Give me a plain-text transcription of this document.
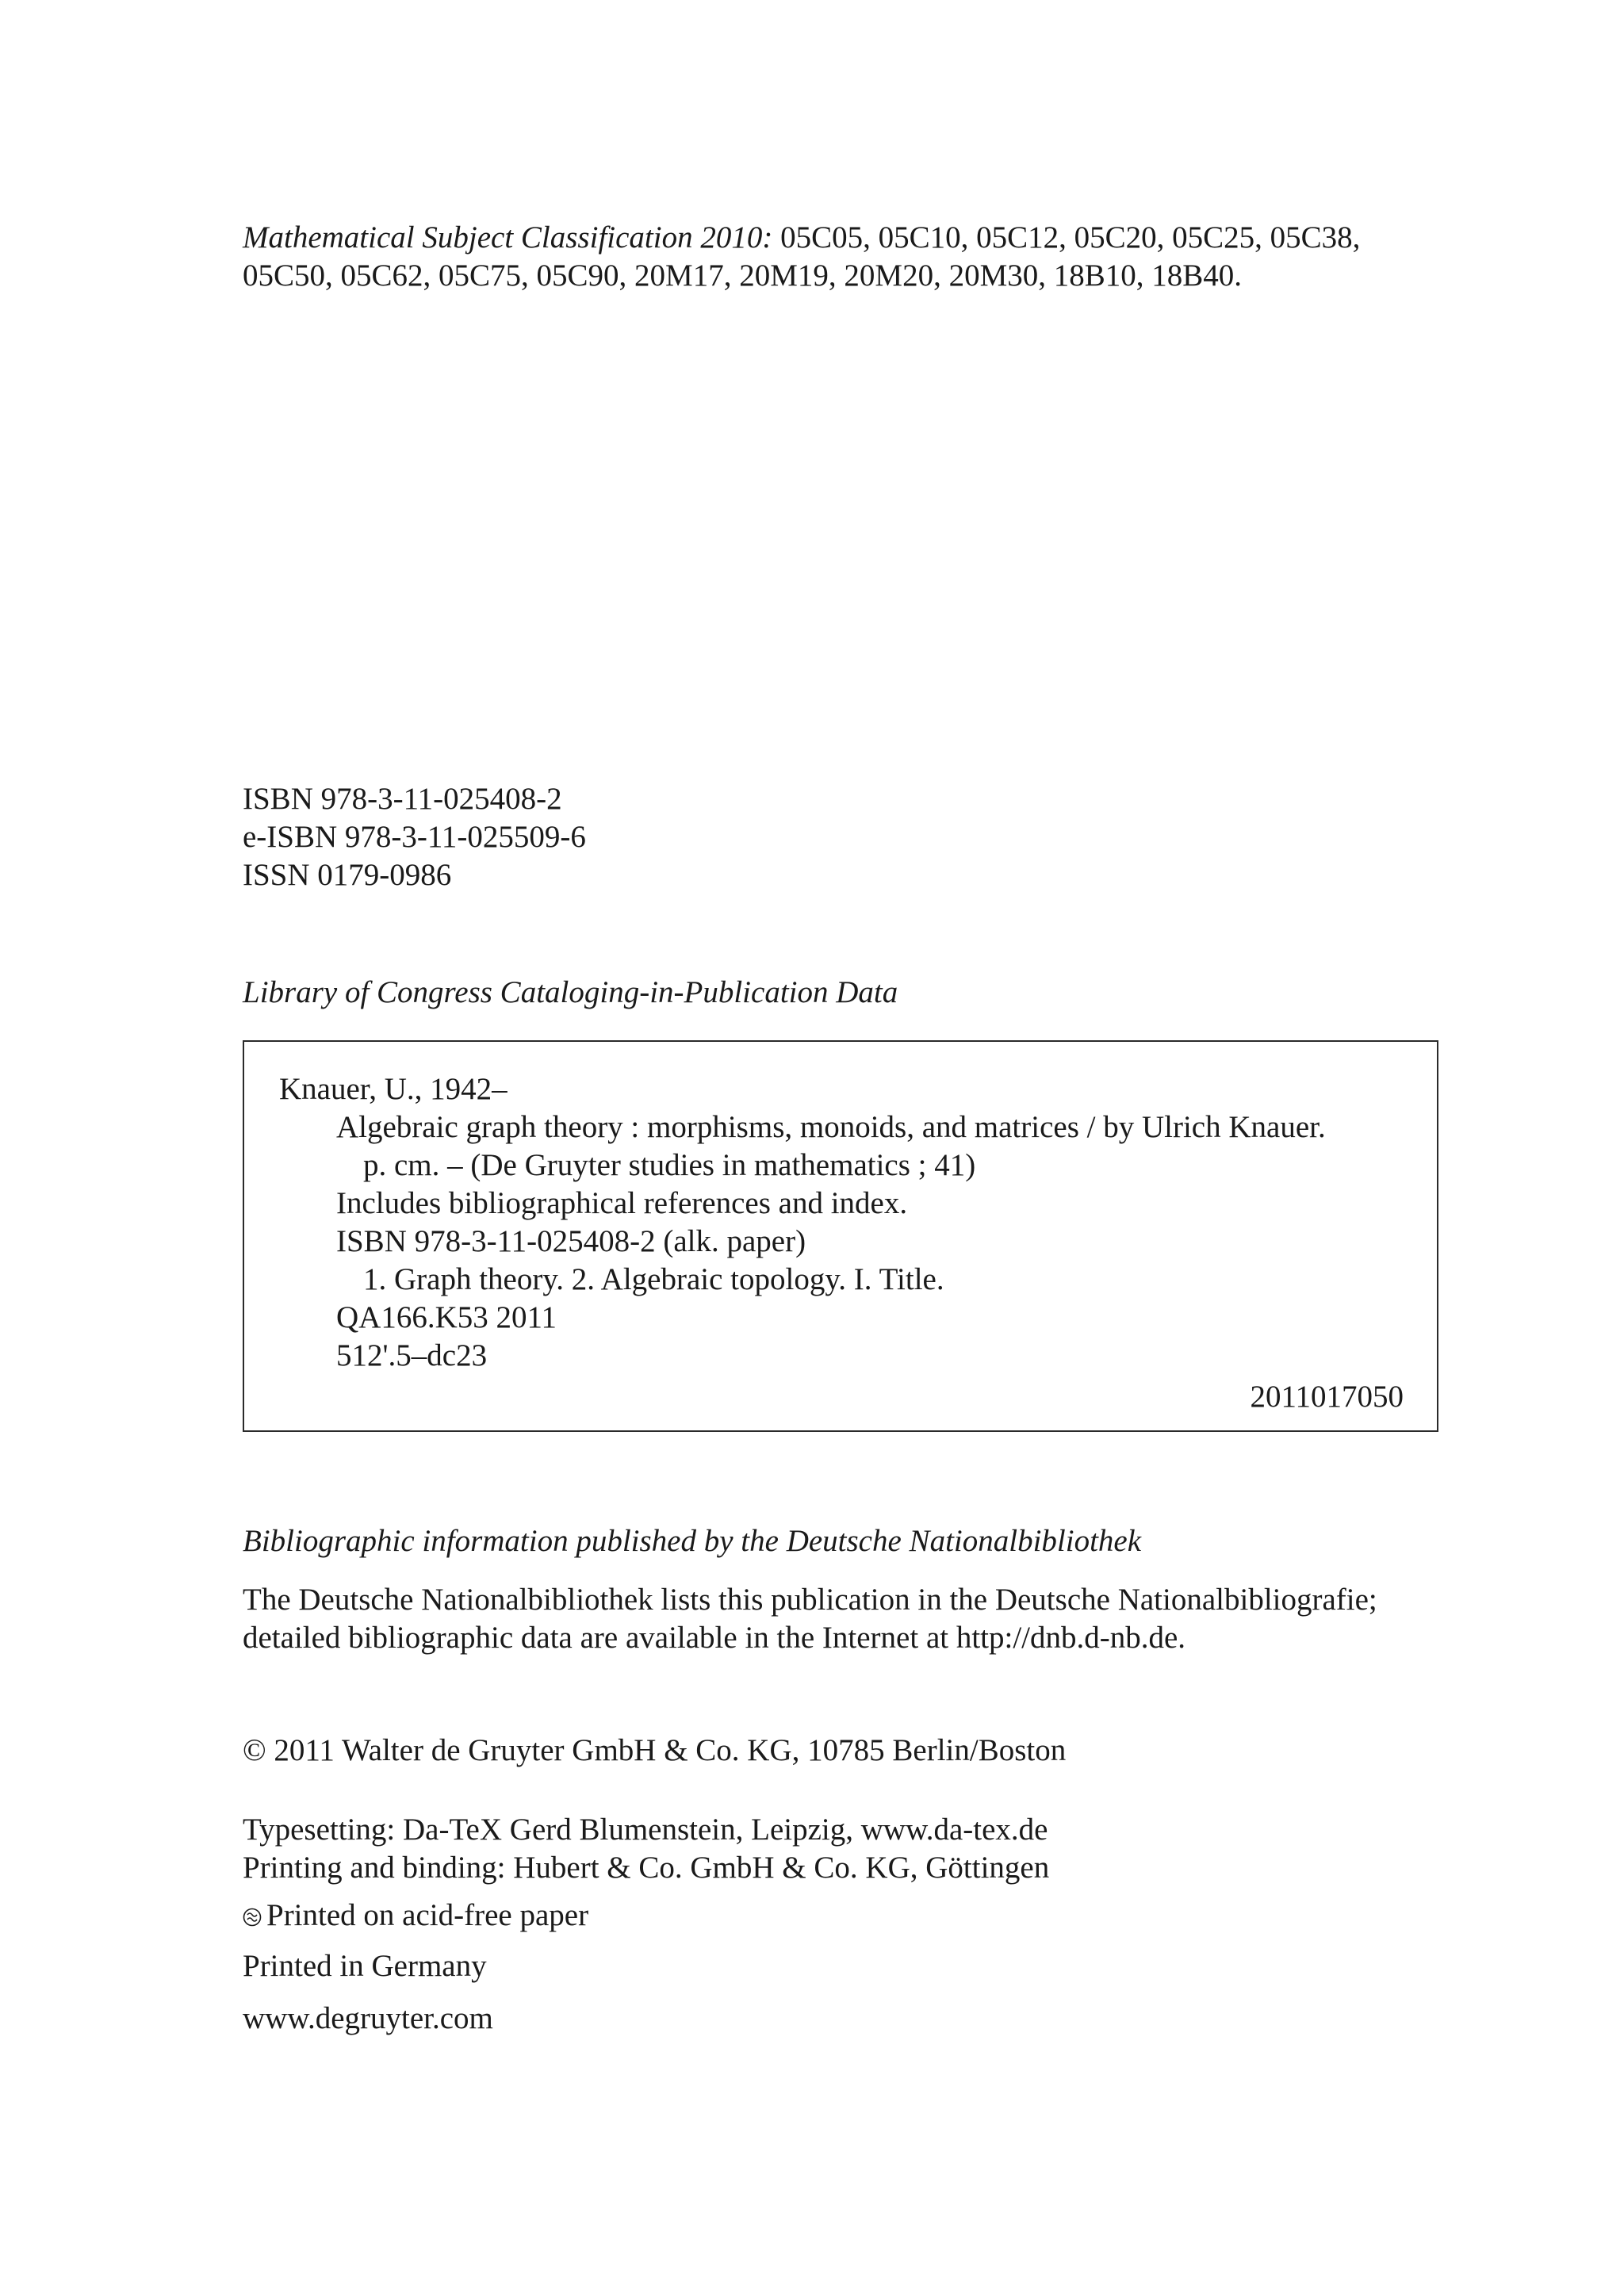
Mathematical Subject Classification 2010: 05C05, 05C10, 05C12, 05C20, 05C25, 05C38,

05C50, 05C62, 05C75, 05C90, 20M17, 20M19, 20M20, 20M30, 18B10, 18B40.

ISBN 978-3-11-025408-2

e-ISBN 978-3-11-025509-6

ISSN 0179-0986

Library of Congress Cataloging-in-Publication Data

Knauer, U., 1942–
Algebraic graph theory : morphisms, monoids, and matrices / by Ulrich Knauer.
p. cm. – (De Gruyter studies in mathematics ; 41)
Includes bibliographical references and index.
ISBN 978-3-11-025408-2 (alk. paper)
1. Graph theory. 2. Algebraic topology. I. Title.
QA166.K53 2011
512'.5–dc23
2011017050

Bibliographic information published by the Deutsche Nationalbibliothek

The Deutsche Nationalbibliothek lists this publication in the Deutsche Nationalbibliografie;

detailed bibliographic data are available in the Internet at http://dnb.d-nb.de.

© 2011 Walter de Gruyter GmbH & Co. KG, 10785 Berlin/Boston

Typesetting: Da-TeX Gerd Blumenstein, Leipzig, www.da-tex.de

Printing and binding: Hubert & Co. GmbH & Co. KG, Göttingen

Printed on acid-free paper

Printed in Germany

www.degruyter.com
